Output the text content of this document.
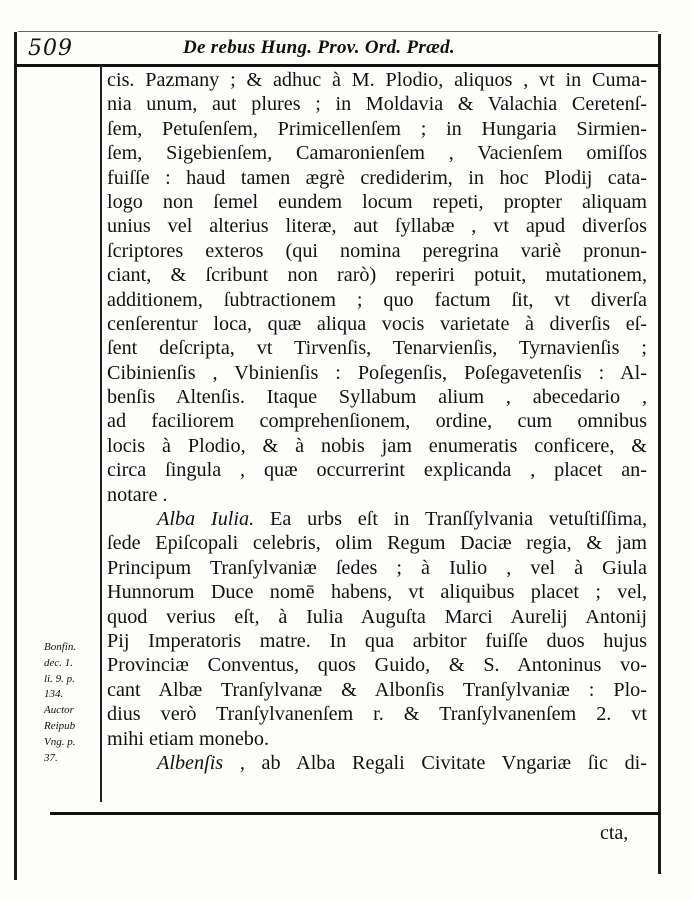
509	De rebus Hung. Prov. Ord. Præd.
cis. Pazmany ; & adhuc à M. Plodio, aliquos , vt in Cuma-
nia unum, aut plures ; in Moldavia & Valachia Ceretenſ-
ſem, Petuſenſem, Primicellenſem ; in Hungaria Sirmien-
ſem, Sigebienſem, Camaronienſem , Vacienſem omiſſos
fuiſſe : haud tamen ægrè crediderim, in hoc Plodij cata-
logo non ſemel eundem locum repeti, propter aliquam
unius vel alterius literæ, aut ſyllabæ , vt apud diverſos
ſcriptores exteros (qui nomina peregrina variè pronun-
ciant, & ſcribunt non rarò) reperiri potuit, mutationem,
additionem, ſubtractionem ; quo factum ſit, vt diverſa
cenſerentur loca, quæ aliqua vocis varietate à diverſis eſ-
ſent deſcripta, vt Tirvenſis, Tenarvienſis, Tyrnavienſis ;
Cibinienſis , Vbinienſis : Poſegenſis, Poſegavetenſis : Al-
benſis Altenſis. Itaque Syllabum alium , abecedario ,
ad faciliorem comprehenſionem, ordine, cum omnibus
locis à Plodio, & à nobis jam enumeratis conficere, &
circa ſingula , quæ occurrerint explicanda , placet an-
notare .
Alba Iulia. Ea urbs eſt in Tranſſylvania vetuſtiſſima,
ſede Epiſcopali celebris, olim Regum Daciæ regia, & jam
Principum Tranſylvaniæ ſedes ; à Iulio , vel à Giula
Hunnorum Duce nomē habens, vt aliquibus placet ; vel,
quod verius eſt, à Iulia Auguſta Marci Aurelij Antonij
Pij Imperatoris matre. In qua arbitor fuiſſe duos hujus
Provinciæ Conventus, quos Guido, & S. Antoninus vo-
cant Albæ Tranſylvanæ & Albonſis Tranſylvaniæ : Plo-
dius verò Tranſylvanenſem r. & Tranſylvanenſem 2. vt
mihi etiam monebo.
Albenſis , ab Alba Regali Civitate Vngariæ ſic di-
Bonfin.
dec. 1.
li. 9. p.
134.
Auctor
Reipub
Vng. p.
37.
cta,
